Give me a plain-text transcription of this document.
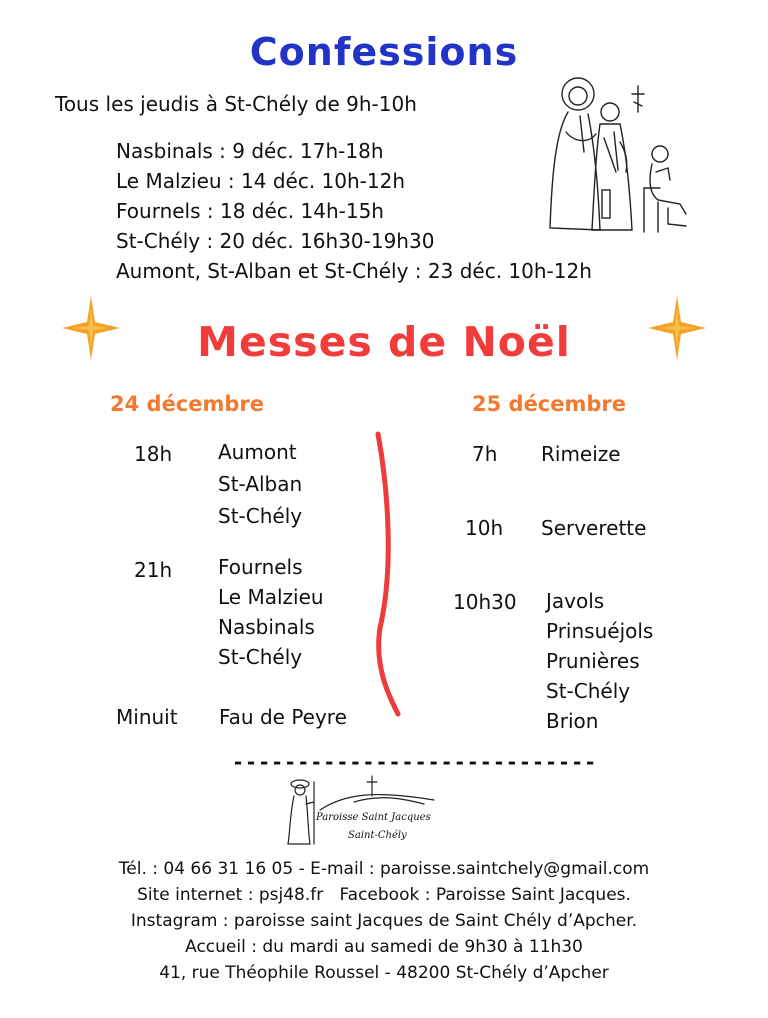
Confessions
Tous les jeudis à St-Chély de 9h-10h
Nasbinals : 9 déc. 17h-18h
Le Malzieu : 14 déc. 10h-12h
Fournels : 18 déc. 14h-15h
St-Chély : 20 déc. 16h30-19h30
Aumont, St-Alban et St-Chély : 23 déc. 10h-12h
Messes de Noël
24 décembre	25 décembre
18h Aumont
St-Alban
St-Chély
21h Fournels
Le Malzieu
Nasbinals
St-Chély
Minuit Fau de Peyre
7h Rimeize
10h Serverette
10h30 Javols
Prinsuéjols
Prunières
St-Chély
Brion
----------------------------
Paroisse Saint Jacques
Saint-Chély
Tél. : 04 66 31 16 05 - E-mail : paroisse.saintchely@gmail.com
Site internet : psj48.fr   Facebook : Paroisse Saint Jacques.
Instagram : paroisse saint Jacques de Saint Chély d’Apcher.
Accueil : du mardi au samedi de 9h30 à 11h30
41, rue Théophile Roussel - 48200 St-Chély d’Apcher
